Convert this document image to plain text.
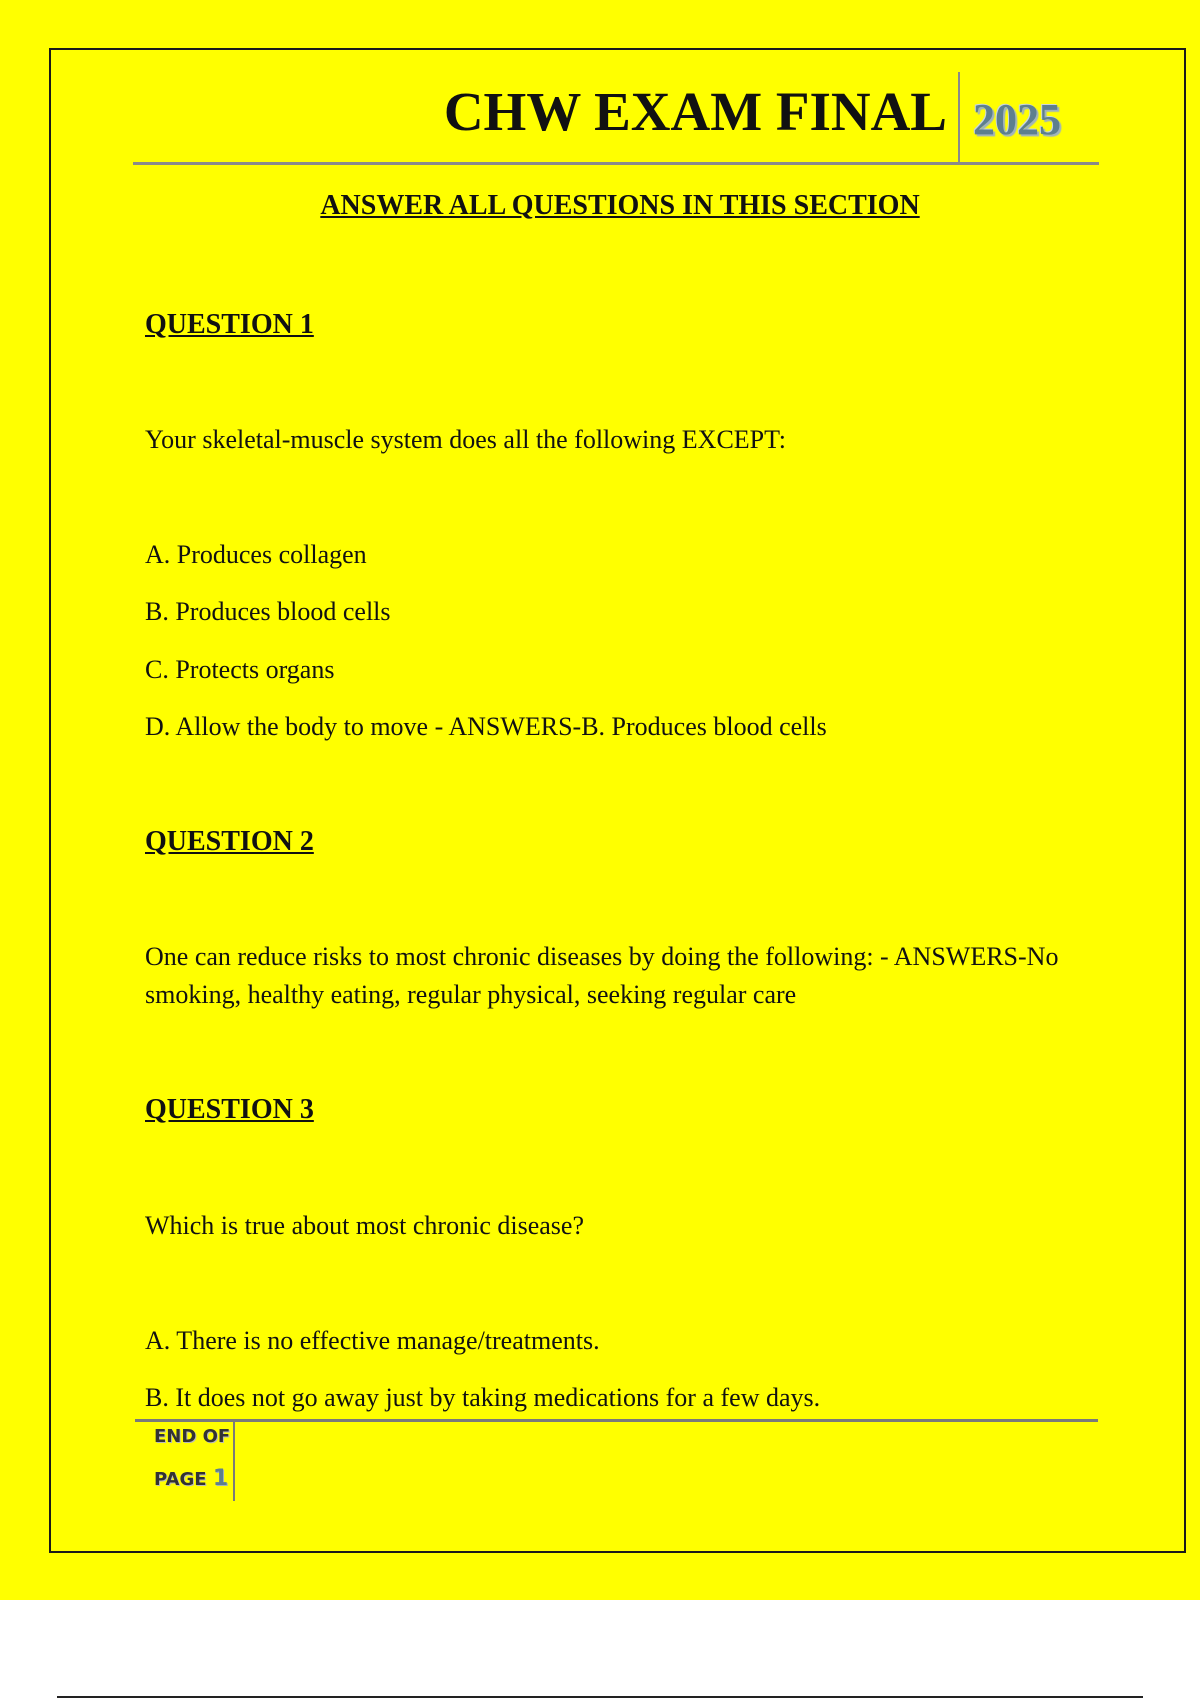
CHW EXAM FINAL 2025
ANSWER ALL QUESTIONS IN THIS SECTION
QUESTION 1
Your skeletal-muscle system does all the following EXCEPT:
A. Produces collagen
B. Produces blood cells
C. Protects organs
D. Allow the body to move - ANSWERS-B. Produces blood cells
QUESTION 2
One can reduce risks to most chronic diseases by doing the following: - ANSWERS-No smoking, healthy eating, regular physical, seeking regular care
QUESTION 3
Which is true about most chronic disease?
A. There is no effective manage/treatments.
B. It does not go away just by taking medications for a few days.
END OF
PAGE 1
